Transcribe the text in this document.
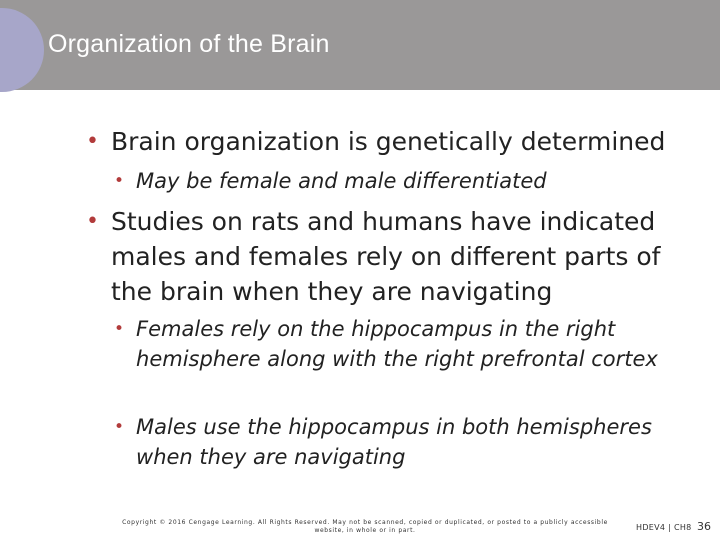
Organization of the Brain
• Brain organization is genetically determined
• May be female and male differentiated
• Studies on rats and humans have indicated males and females rely on different parts of the brain when they are navigating
• Females rely on the hippocampus in the right hemisphere along with the right prefrontal cortex
• Males use the hippocampus in both hemispheres when they are navigating
Copyright © 2016 Cengage Learning. All Rights Reserved. May not be scanned, copied or duplicated, or posted to a publicly accessible website, in whole or in part.	HDEV4 | CH8 36
